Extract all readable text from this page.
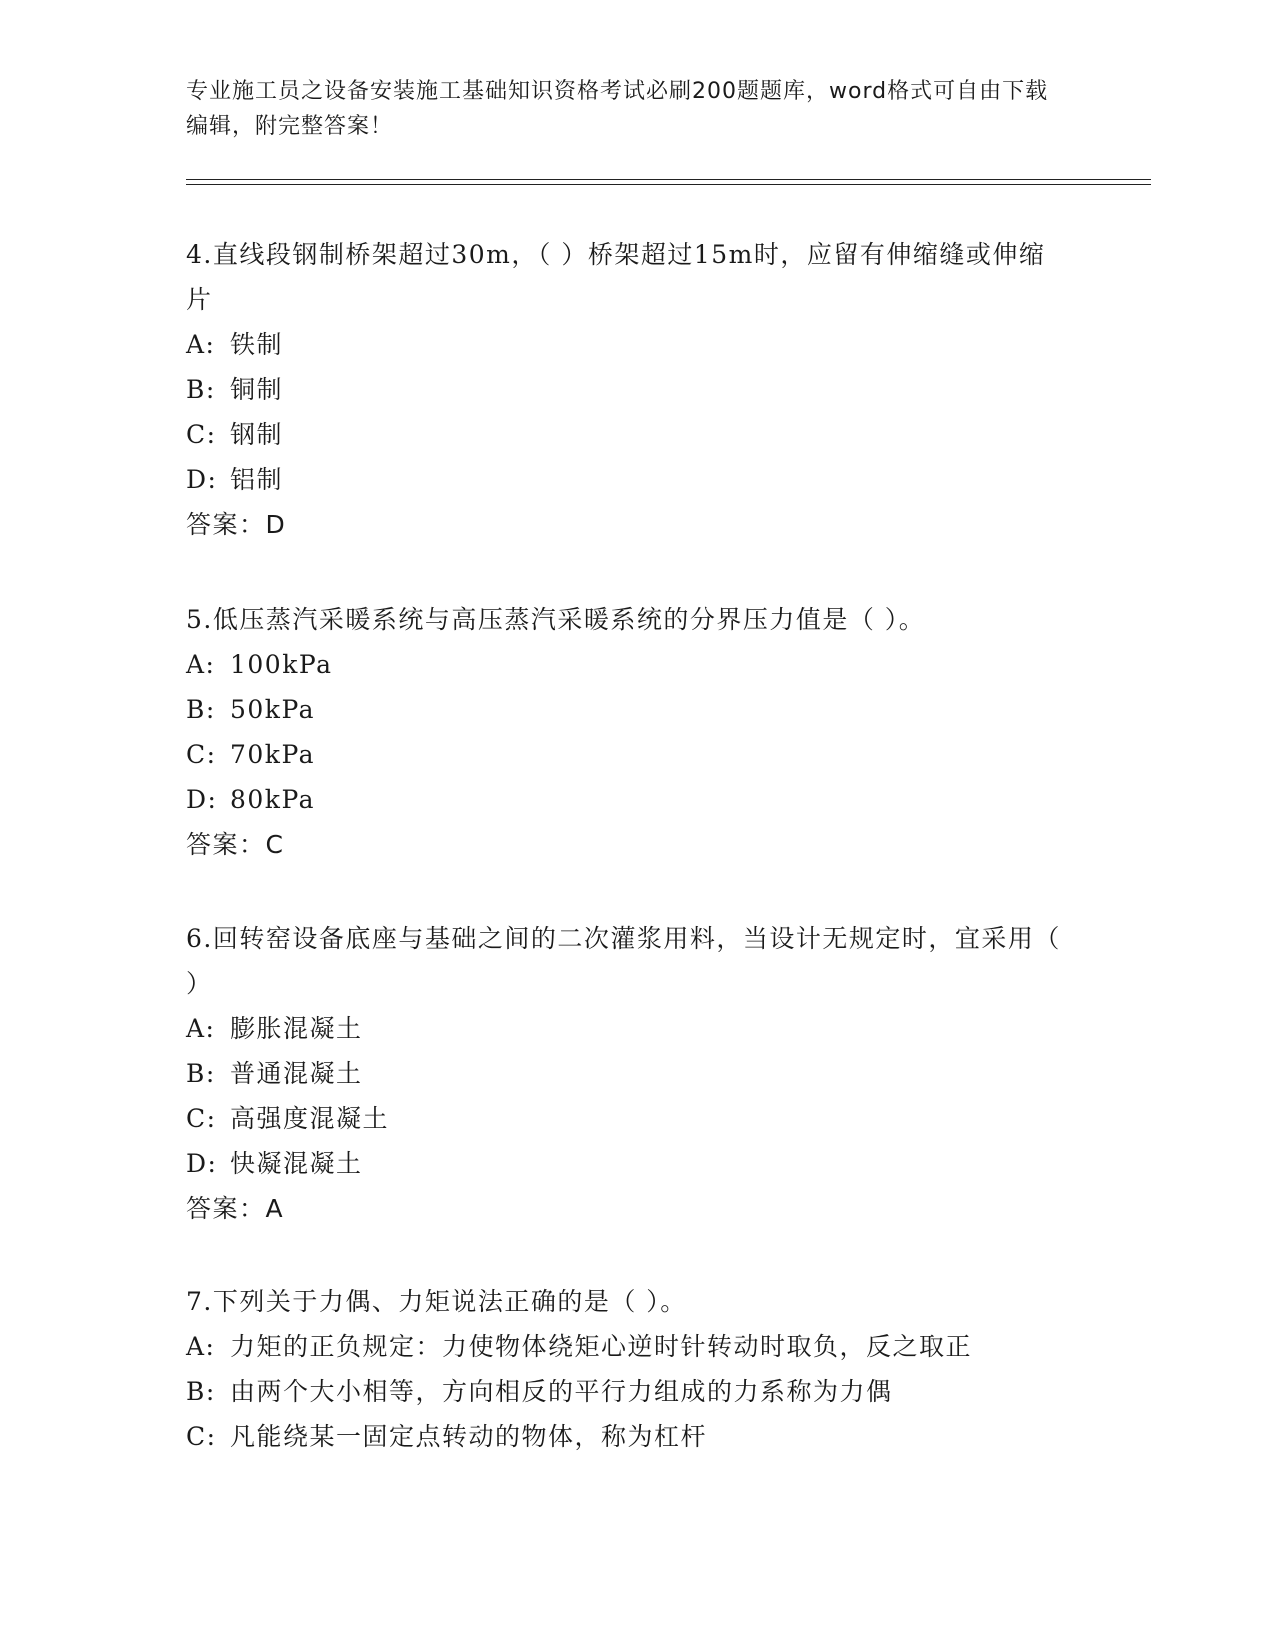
专业施工员之设备安装施工基础知识资格考试必刷200题题库，word格式可自由下载编辑，附完整答案！

4.直线段钢制桥架超过30m，（ ）桥架超过15m时，应留有伸缩缝或伸缩片

A: 铁制

B: 铜制

C: 钢制

D: 铝制

答案：D

5.低压蒸汽采暖系统与高压蒸汽采暖系统的分界压力值是（ ）。

A: 100kPa

B: 50kPa

C: 70kPa

D: 80kPa

答案：C

6.回转窑设备底座与基础之间的二次灌浆用料，当设计无规定时，宜采用（ ）

A: 膨胀混凝土

B: 普通混凝土

C: 高强度混凝土

D: 快凝混凝土

答案：A

7.下列关于力偶、力矩说法正确的是（ ）。

A: 力矩的正负规定：力使物体绕矩心逆时针转动时取负，反之取正

B: 由两个大小相等，方向相反的平行力组成的力系称为力偶

C: 凡能绕某一固定点转动的物体，称为杠杆
